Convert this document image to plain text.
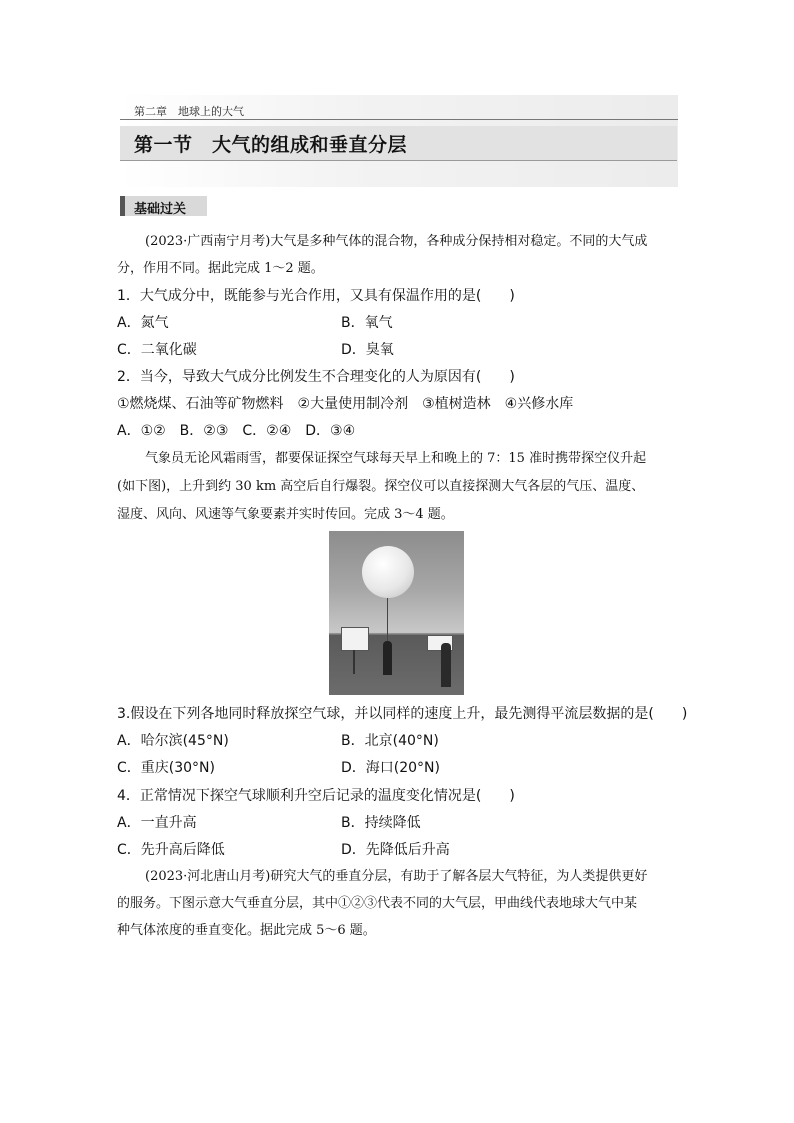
第二章　地球上的大气
第一节　大气的组成和垂直分层
基础过关
(2023·广西南宁月考)大气是多种气体的混合物，各种成分保持相对稳定。不同的大气成
分，作用不同。据此完成 1～2 题。
1．大气成分中，既能参与光合作用，又具有保温作用的是(　　)
A．氮气	B．氧气
C．二氧化碳	D．臭氧
2．当今，导致大气成分比例发生不合理变化的人为原因有(　　)
①燃烧煤、石油等矿物燃料　②大量使用制冷剂　③植树造林　④兴修水库
A．①②　B．②③　C．②④　D．③④
气象员无论风霜雨雪，都要保证探空气球每天早上和晚上的 7：15 准时携带探空仪升起
(如下图)，上升到约 30 km 高空后自行爆裂。探空仪可以直接探测大气各层的气压、温度、
湿度、风向、风速等气象要素并实时传回。完成 3～4 题。
3.假设在下列各地同时释放探空气球，并以同样的速度上升，最先测得平流层数据的是(　　)
A．哈尔滨(45°N)	B．北京(40°N)
C．重庆(30°N)	D．海口(20°N)
4．正常情况下探空气球顺利升空后记录的温度变化情况是(　　)
A．一直升高	B．持续降低
C．先升高后降低	D．先降低后升高
(2023·河北唐山月考)研究大气的垂直分层，有助于了解各层大气特征，为人类提供更好
的服务。下图示意大气垂直分层，其中①②③代表不同的大气层，甲曲线代表地球大气中某
种气体浓度的垂直变化。据此完成 5～6 题。
